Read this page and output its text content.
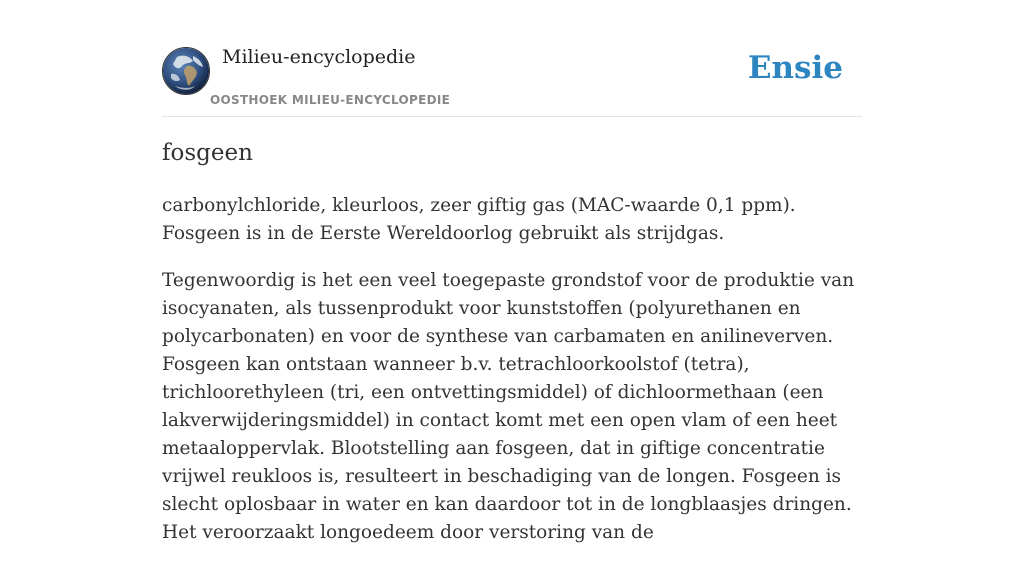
Milieu-encyclopedie
OOSTHOEK MILIEU-ENCYCLOPEDIE
Ensie
fosgeen

carbonylchloride, kleurloos, zeer giftig gas (MAC-waarde 0,1 ppm). Fosgeen is in de Eerste Wereldoorlog gebruikt als strijdgas.

Tegenwoordig is het een veel toegepaste grondstof voor de produktie van isocyanaten, als tussenprodukt voor kunststoffen (polyurethanen en polycarbonaten) en voor de synthese van carbamaten en anilineverven. Fosgeen kan ontstaan wanneer b.v. tetrachloorkoolstof (tetra), trichloorethyleen (tri, een ontvettingsmiddel) of dichloormethaan (een lakverwijderingsmiddel) in contact komt met een open vlam of een heet metaaloppervlak. Blootstelling aan fosgeen, dat in giftige concentratie vrijwel reukloos is, resulteert in beschadiging van de longen. Fosgeen is slecht oplosbaar in water en kan daardoor tot in de longblaasjes dringen. Het veroorzaakt longoedeem door verstoring van de
